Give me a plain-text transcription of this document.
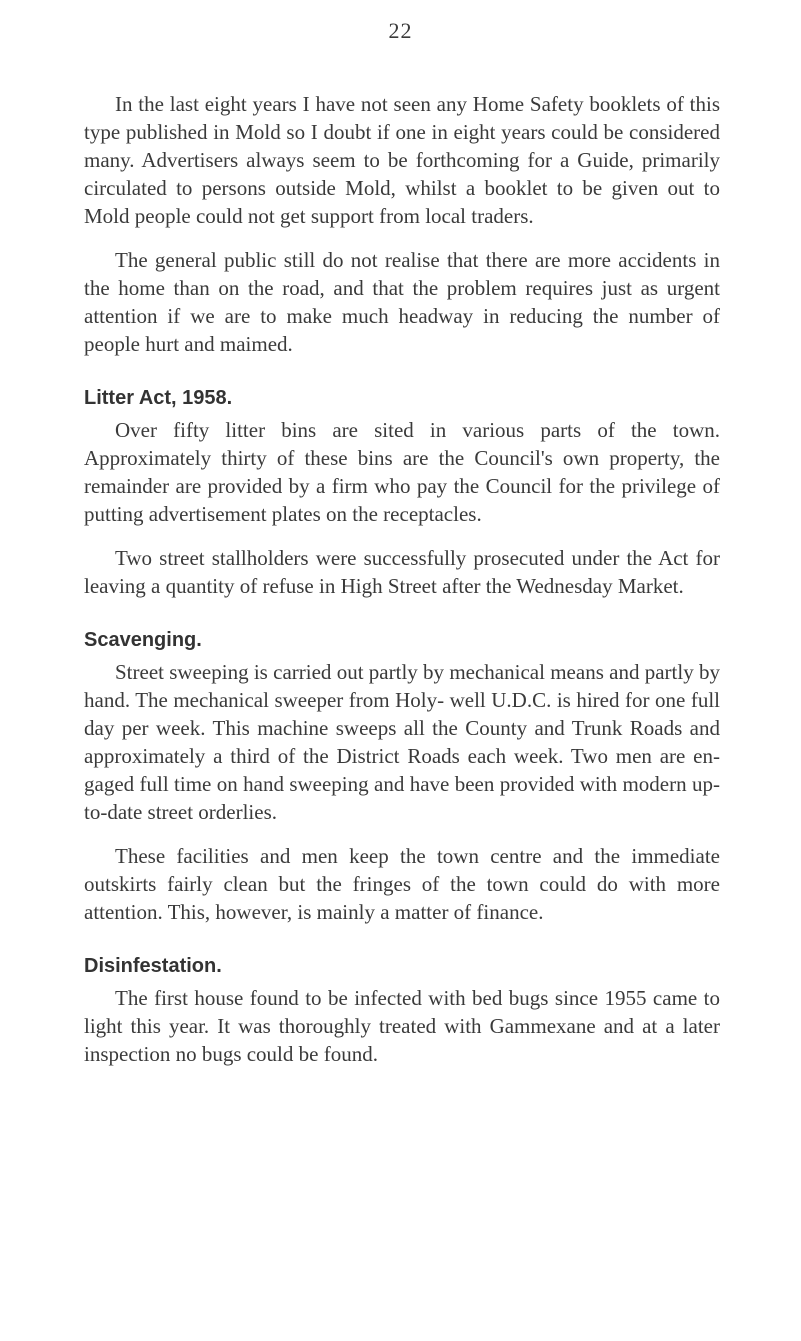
22

In the last eight years I have not seen any Home Safety booklets of this type published in Mold so I doubt if one in eight years could be considered many. Advertisers always seem to be forthcoming for a Guide, primarily circulated to persons outside Mold, whilst a booklet to be given out to Mold people could not get support from local traders.

The general public still do not realise that there are more accidents in the home than on the road, and that the problem requires just as urgent attention if we are to make much headway in reducing the number of people hurt and maimed.

Litter Act, 1958.

Over fifty litter bins are sited in various parts of the town. Approximately thirty of these bins are the Council's own property, the remainder are provided by a firm who pay the Council for the privilege of putting advertisement plates on the receptacles.

Two street stallholders were successfully prosecuted under the Act for leaving a quantity of refuse in High Street after the Wednesday Market.

Scavenging.

Street sweeping is carried out partly by mechanical means and partly by hand. The mechanical sweeper from Holy- well U.D.C. is hired for one full day per week. This machine sweeps all the County and Trunk Roads and approximately a third of the District Roads each week. Two men are en- gaged full time on hand sweeping and have been provided with modern up-to-date street orderlies.

These facilities and men keep the town centre and the immediate outskirts fairly clean but the fringes of the town could do with more attention. This, however, is mainly a matter of finance.

Disinfestation.

The first house found to be infected with bed bugs since 1955 came to light this year. It was thoroughly treated with Gammexane and at a later inspection no bugs could be found.
